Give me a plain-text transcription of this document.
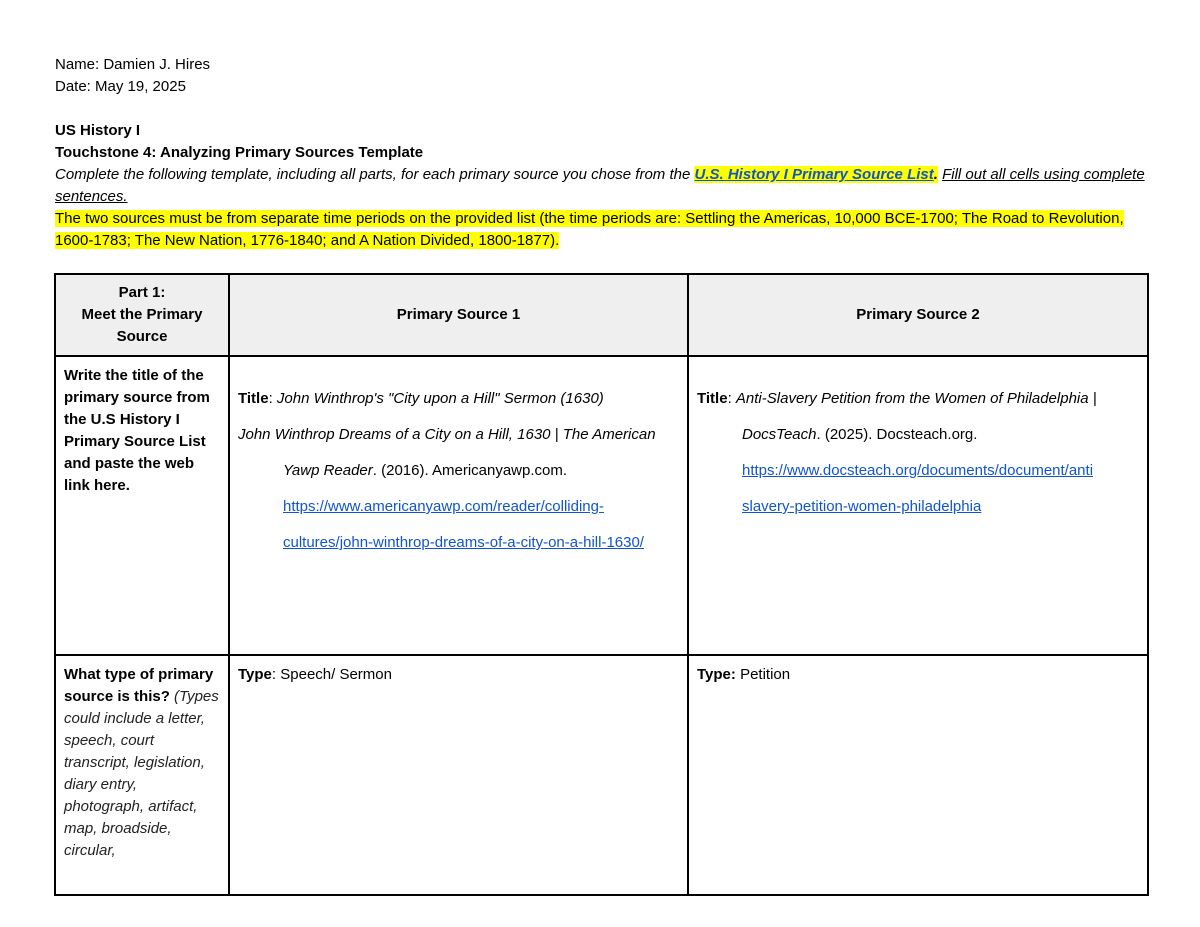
Name: Damien J. Hires
Date: May 19, 2025
US History I
Touchstone 4: Analyzing Primary Sources Template
Complete the following template, including all parts, for each primary source you chose from the U.S. History I Primary Source List. Fill out all cells using complete sentences.
The two sources must be from separate time periods on the provided list (the time periods are: Settling the Americas, 10,000 BCE-1700; The Road to Revolution, 1600-1783; The New Nation, 1776-1840; and A Nation Divided, 1800-1877).
Part 1:
Meet the Primary Source	Primary Source 1	Primary Source 2
Write the title of the primary source from the U.S History I Primary Source List and paste the web link here.	Title: John Winthrop's "City upon a Hill" Sermon (1630)
John Winthrop Dreams of a City on a Hill, 1630 | The American Yawp Reader. (2016). Americanyawp.com. https://www.americanyawp.com/reader/colliding-cultures/john-winthrop-dreams-of-a-city-on-a-hill-1630/	Title: Anti-Slavery Petition from the Women of Philadelphia | DocsTeach. (2025). Docsteach.org. https://www.docsteach.org/documents/document/anti slavery-petition-women-philadelphia

What type of primary source is this? (Types could include a letter, speech, court transcript, legislation, diary entry, photograph, artifact, map, broadside, circular,	Type: Speech/ Sermon	Type: Petition
